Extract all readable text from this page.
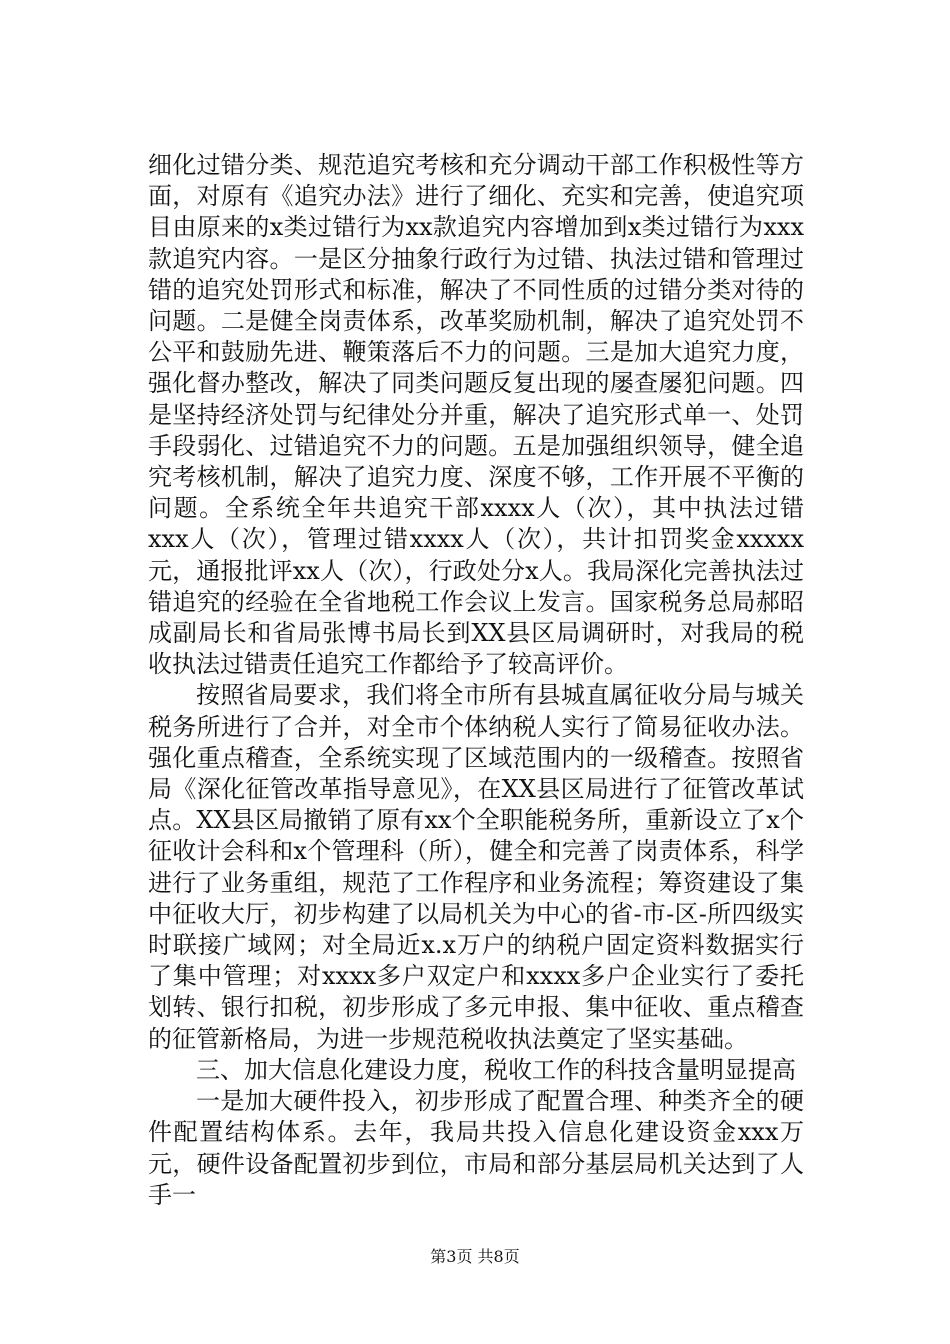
细化过错分类、规范追究考核和充分调动干部工作积极性等方面，对原有《追究办法》进行了细化、充实和完善，使追究项目由原来的x类过错行为xx款追究内容增加到x类过错行为xxx款追究内容。一是区分抽象行政行为过错、执法过错和管理过错的追究处罚形式和标准，解决了不同性质的过错分类对待的问题。二是健全岗责体系，改革奖励机制，解决了追究处罚不公平和鼓励先进、鞭策落后不力的问题。三是加大追究力度，强化督办整改，解决了同类问题反复出现的屡查屡犯问题。四是坚持经济处罚与纪律处分并重，解决了追究形式单一、处罚手段弱化、过错追究不力的问题。五是加强组织领导，健全追究考核机制，解决了追究力度、深度不够，工作开展不平衡的问题。全系统全年共追究干部xxxx人（次），其中执法过错xxx人（次），管理过错xxxx人（次），共计扣罚奖金xxxxx元，通报批评xx人（次），行政处分x人。我局深化完善执法过错追究的经验在全省地税工作会议上发言。国家税务总局郝昭成副局长和省局张博书局长到XX县区局调研时，对我局的税收执法过错责任追究工作都给予了较高评价。

按照省局要求，我们将全市所有县城直属征收分局与城关税务所进行了合并，对全市个体纳税人实行了简易征收办法。强化重点稽查，全系统实现了区域范围内的一级稽查。按照省局《深化征管改革指导意见》，在XX县区局进行了征管改革试点。XX县区局撤销了原有xx个全职能税务所，重新设立了x个征收计会科和x个管理科（所），健全和完善了岗责体系，科学进行了业务重组，规范了工作程序和业务流程；筹资建设了集中征收大厅，初步构建了以局机关为中心的省-市-区-所四级实时联接广域网；对全局近x.x万户的纳税户固定资料数据实行了集中管理；对xxxx多户双定户和xxxx多户企业实行了委托划转、银行扣税，初步形成了多元申报、集中征收、重点稽查的征管新格局，为进一步规范税收执法奠定了坚实基础。

三、加大信息化建设力度，税收工作的科技含量明显提高

一是加大硬件投入，初步形成了配置合理、种类齐全的硬件配置结构体系。去年，我局共投入信息化建设资金xxx万元，硬件设备配置初步到位，市局和部分基层局机关达到了人手一

第3页 共8页
